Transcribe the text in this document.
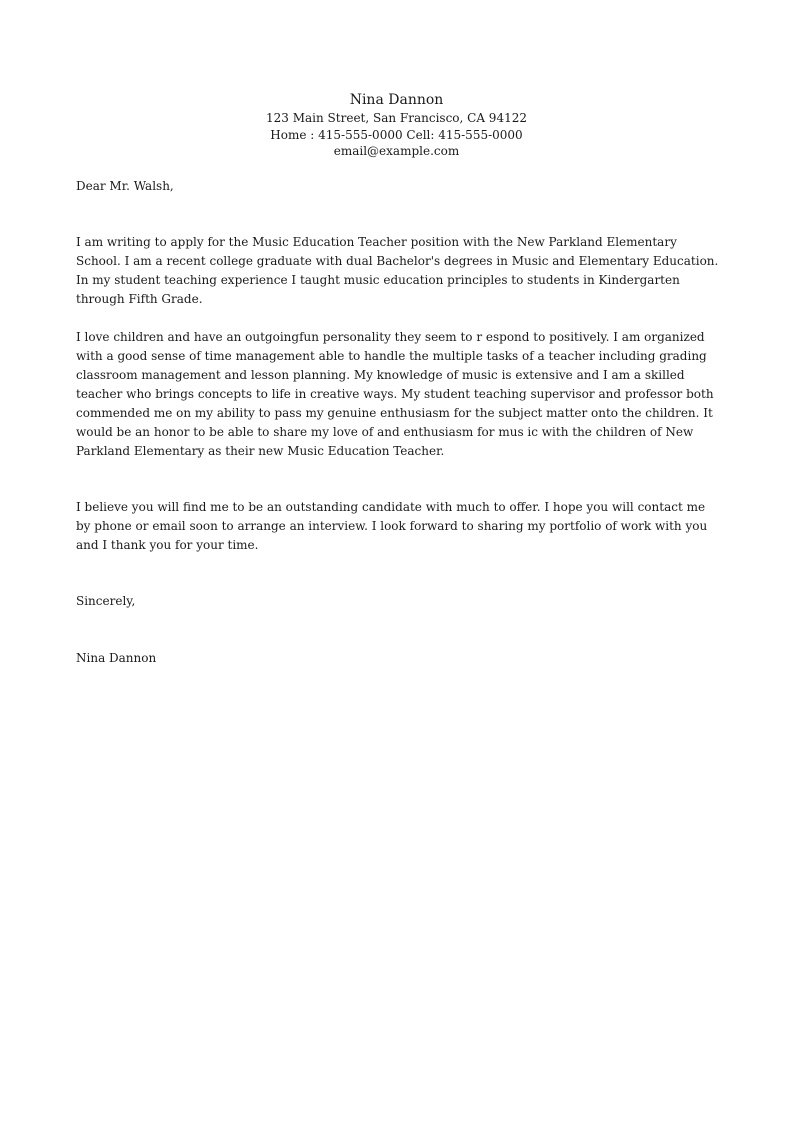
Nina Dannon
123 Main Street, San Francisco, CA 94122
Home : 415-555-0000 Cell: 415-555-0000
email@example.com
Dear Mr. Walsh,

I am writing to apply for the Music Education Teacher position with the New Parkland Elementary School. I am a recent college graduate with dual Bachelor's degrees in Music and Elementary Education. In my student teaching experience I taught music education principles to students in Kindergarten through Fifth Grade.

I love children and have an outgoingfun personality they seem to r espond to positively. I am organized with a good sense of time management able to handle the multiple tasks of a teacher including grading classroom management and lesson planning. My knowledge of music is extensive and I am a skilled teacher who brings concepts to life in creative ways. My student teaching supervisor and professor both commended me on my ability to pass my genuine enthusiasm for the subject matter onto the children. It would be an honor to be able to share my love of and enthusiasm for mus ic with the children of New Parkland Elementary as their new Music Education Teacher.

I believe you will find me to be an outstanding candidate with much to offer. I hope you will contact me by phone or email soon to arrange an interview. I look forward to sharing my portfolio of work with you and I thank you for your time.

Sincerely,
Nina Dannon
